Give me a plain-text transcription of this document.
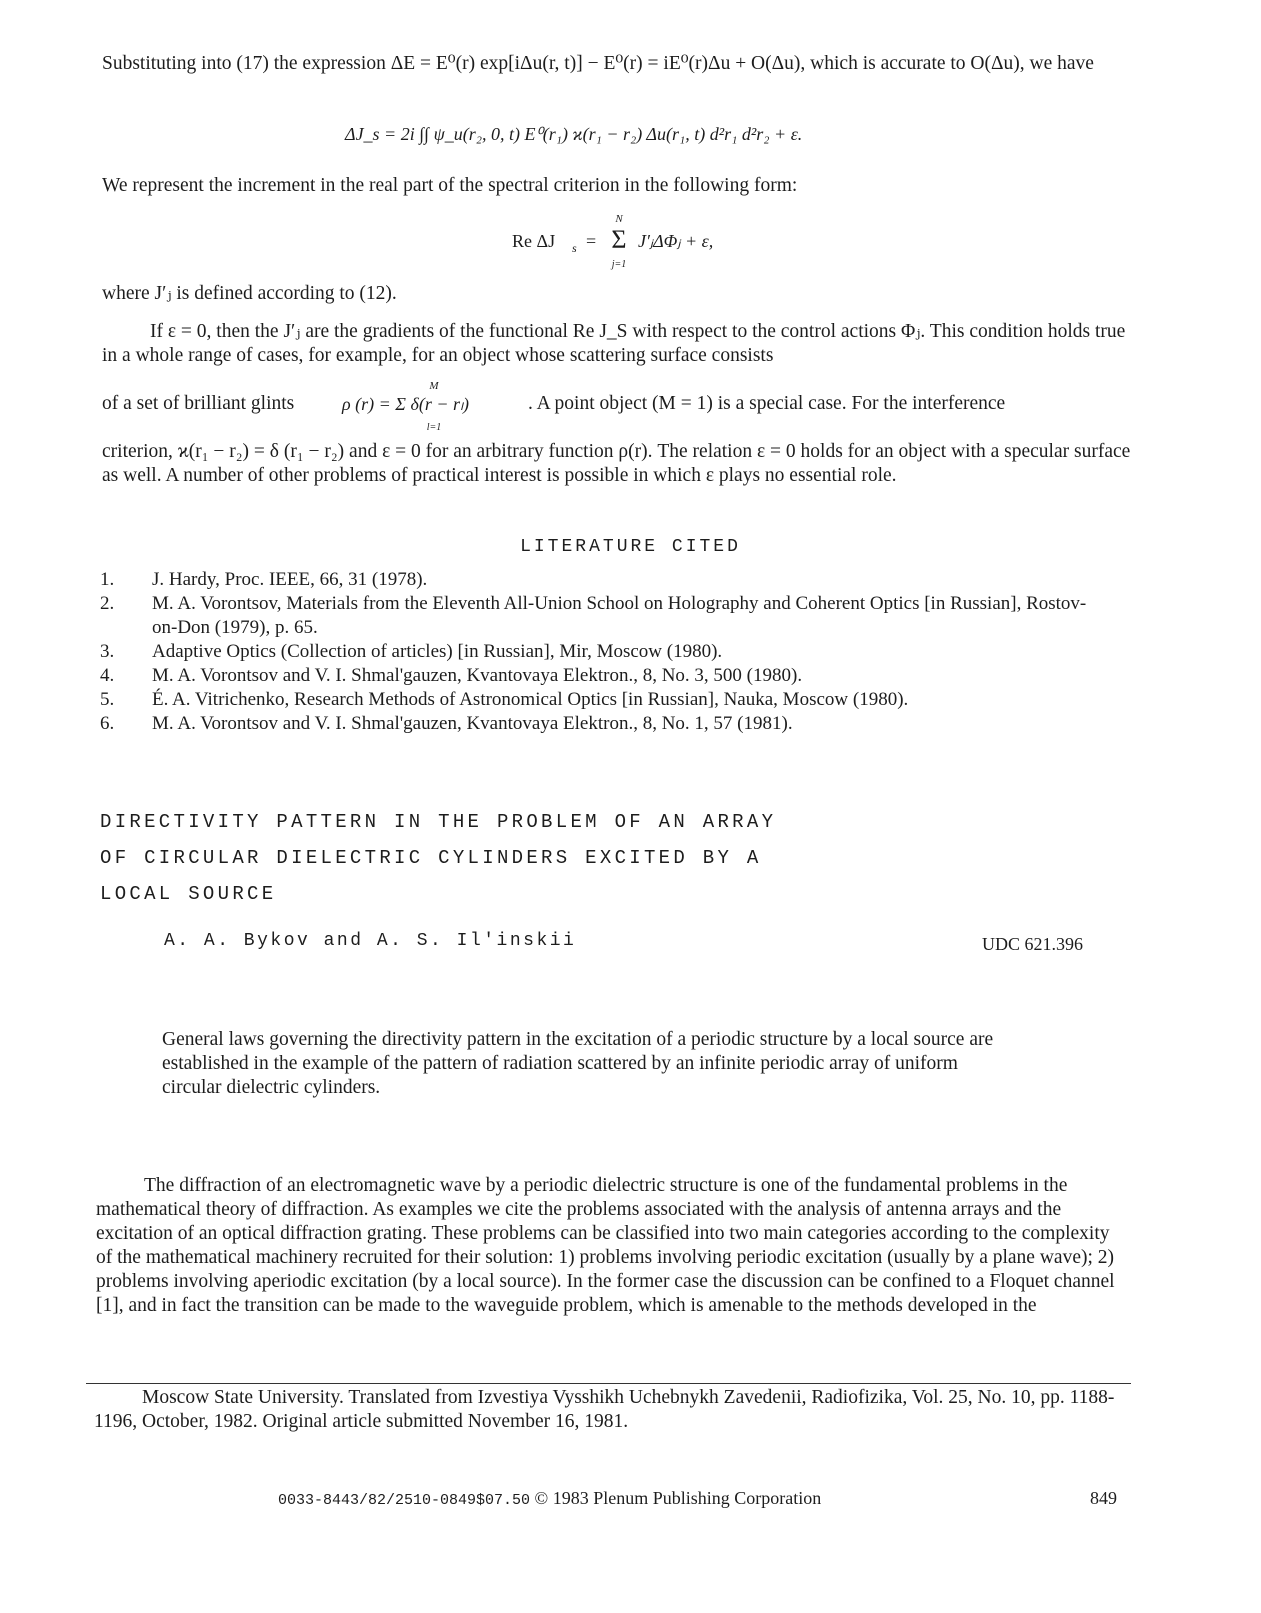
Substituting into (17) the expression ΔE = E⁰(r) exp[iΔu(r, t)] − E⁰(r) = iE⁰(r)Δu + O(Δu), which is accurate to O(Δu), we have

ΔJ_s = 2i ∫∫ ψ_u(r₂, 0, t) E⁰(r₁) ϰ(r₁ − r₂) Δu(r₁, t) d²r₁ d²r₂ + ε.

We represent the increment in the real part of the spectral criterion in the following form:

Re ΔJ s =
N
Σ
j=1
J′ⱼΔΦⱼ + ε,

where J′ⱼ is defined according to (12).

If ε = 0, then the J′ⱼ are the gradients of the functional Re J_S with respect to the control actions Φⱼ. This condition holds true in a whole range of cases, for example, for an object whose scattering surface consists

of a set of brilliant glints	ρ (r) = Σ δ(r − rₗ)
M
l=1
. A point object (M = 1) is a special case. For the interference

criterion, ϰ(r₁ − r₂) = δ (r₁ − r₂) and ε = 0 for an arbitrary function ρ(r). The relation ε = 0 holds for an object with a specular surface as well. A number of other problems of practical interest is possible in which ε plays no essential role.

LITERATURE CITED
1.	J. Hardy, Proc. IEEE, 66, 31 (1978).
2.	M. A. Vorontsov, Materials from the Eleventh All-Union School on Holography and Coherent Optics [in Russian], Rostov-on-Don (1979), p. 65.
3.	Adaptive Optics (Collection of articles) [in Russian], Mir, Moscow (1980).
4.	M. A. Vorontsov and V. I. Shmal'gauzen, Kvantovaya Elektron., 8, No. 3, 500 (1980).
5.	É. A. Vitrichenko, Research Methods of Astronomical Optics [in Russian], Nauka, Moscow (1980).
6.	M. A. Vorontsov and V. I. Shmal'gauzen, Kvantovaya Elektron., 8, No. 1, 57 (1981).
DIRECTIVITY PATTERN IN THE PROBLEM OF AN ARRAY
OF CIRCULAR DIELECTRIC CYLINDERS EXCITED BY A
LOCAL SOURCE
A. A. Bykov and A. S. Il'inskii	UDC 621.396

General laws governing the directivity pattern in the excitation of a periodic structure by a local source are established in the example of the pattern of radiation scattered by an infinite periodic array of uniform circular dielectric cylinders.

The diffraction of an electromagnetic wave by a periodic dielectric structure is one of the fundamental problems in the mathematical theory of diffraction. As examples we cite the problems associated with the analysis of antenna arrays and the excitation of an optical diffraction grating. These problems can be classified into two main categories according to the complexity of the mathematical machinery recruited for their solution: 1) problems involving periodic excitation (usually by a plane wave); 2) problems involving aperiodic excitation (by a local source). In the former case the discussion can be confined to a Floquet channel [1], and in fact the transition can be made to the waveguide problem, which is amenable to the methods developed in the

Moscow State University. Translated from Izvestiya Vysshikh Uchebnykh Zavedenii, Radiofizika, Vol. 25, No. 10, pp. 1188-1196, October, 1982. Original article submitted November 16, 1981.

0033-8443/82/2510-0849$07.50 © 1983 Plenum Publishing Corporation	849
